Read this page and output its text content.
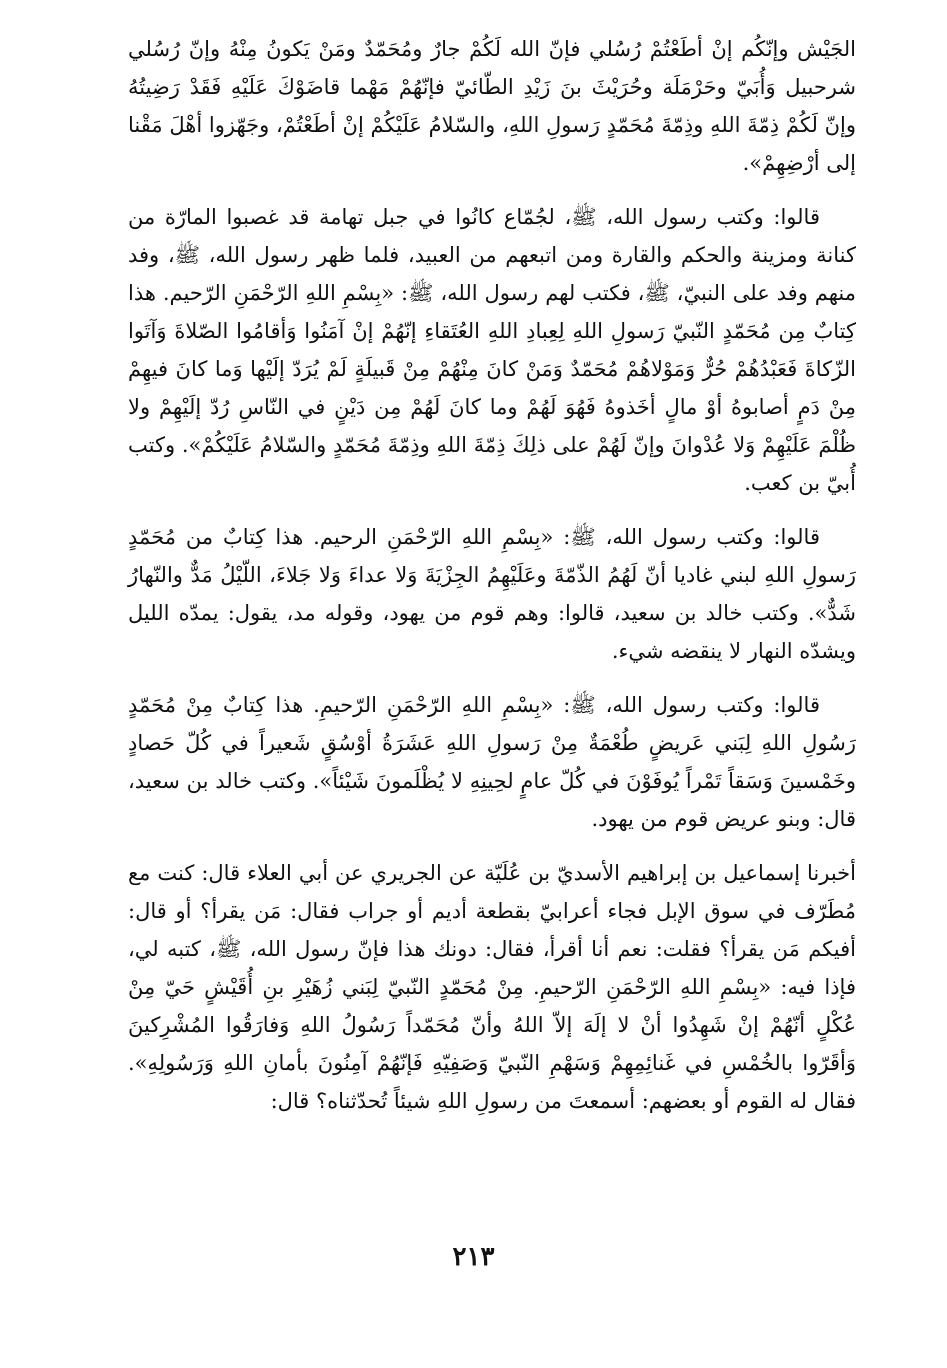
الجَيْش وإنّكُم إنْ أطَعْتُمْ رُسُلي فإنّ الله لَكُمْ جارٌ ومُحَمّدٌ ومَنْ يَكونُ مِنْهُ وإنّ رُسُلي شرحبيل وَأُبَيّ وحَرْمَلَة وحُرَيْثَ بنَ زَيْدِ الطّائيّ فإنّهُمْ مَهْما قاضَوْكَ عَلَيْهِ فَقَدْ رَضِيتُهُ وإنّ لَكُمْ ذِمّةَ اللهِ وذِمّةَ مُحَمّدٍ رَسولِ اللهِ، والسّلامُ عَلَيْكُمْ إنْ أطَعْتُمْ، وجَهّزوا أهْلَ مَقْنا إلى أرْضِهِمْ».

قالوا: وكتب رسول الله، ﷺ، لجُمّاع كانُوا في جبل تهامة قد غصبوا المارّة من كنانة ومزينة والحكم والقارة ومن اتبعهم من العبيد، فلما ظهر رسول الله، ﷺ، وفد منهم وفد على النبيّ، ﷺ، فكتب لهم رسول الله، ﷺ: «بِسْمِ اللهِ الرّحْمَنِ الرّحيم. هذا كِتابٌ مِن مُحَمّدٍ النّبيّ رَسولِ اللهِ لِعِبادِ اللهِ العُتَقاءِ إنّهُمْ إنْ آمَنُوا وَأقامُوا الصّلاةَ وَآتَوا الزّكاةَ فَعَبْدُهُمْ حُرٌّ وَمَوْلاهُمْ مُحَمّدٌ وَمَنْ كانَ مِنْهُمْ مِنْ قَبيلَةٍ لَمْ يُرَدّ إلَيْها وَما كانَ فيهِمْ مِنْ دَمٍ أصابوهُ أوْ مالٍ أخَذوهُ فَهُوَ لَهُمْ وما كانَ لَهُمْ مِن دَيْنٍ في النّاسِ رُدّ إلَيْهِمْ ولا ظُلْمَ عَلَيْهِمْ وَلا عُدْوانَ وإنّ لَهُمْ على ذلِكَ ذِمّةَ اللهِ وذِمّةَ مُحَمّدٍ والسّلامُ عَلَيْكُمْ». وكتب أُبيّ بن كعب.

قالوا: وكتب رسول الله، ﷺ: «بِسْمِ اللهِ الرّحْمَنِ الرحيم. هذا كِتابٌ من مُحَمّدٍ رَسولِ اللهِ لبني غاديا أنّ لَهُمُ الذّمّةَ وعَلَيْهِمُ الجِزْيَةَ وَلا عداءَ وَلا جَلاءَ، اللّيْلُ مَدٌّ والنّهارُ شَدٌّ». وكتب خالد بن سعيد، قالوا: وهم قوم من يهود، وقوله مد، يقول: يمدّه الليل ويشدّه النهار لا ينقضه شيء.

قالوا: وكتب رسول الله، ﷺ: «بِسْمِ اللهِ الرّحْمَنِ الرّحيمِ. هذا كِتابٌ مِنْ مُحَمّدٍ رَسُولِ اللهِ لِبَني عَريضٍ طُعْمَةٌ مِنْ رَسولِ اللهِ عَشَرَةُ أوْسُقٍ شَعيراً في كُلّ حَصادٍ وخَمْسينَ وَسَقاً تَمْراً يُوفَوْنَ في كُلّ عامٍ لحِينِهِ لا يُظْلَمونَ شَيْئاً». وكتب خالد بن سعيد، قال: وبنو عريض قوم من يهود.

أخبرنا إسماعيل بن إبراهيم الأسديّ بن عُلَيّة عن الجريري عن أبي العلاء قال: كنت مع مُطَرّف في سوق الإبل فجاء أعرابيّ بقطعة أديم أو جراب فقال: مَن يقرأ؟ أو قال: أفيكم مَن يقرأ؟ فقلت: نعم أنا أقرأ، فقال: دونك هذا فإنّ رسول الله، ﷺ، كتبه لي، فإذا فيه: «بِسْمِ اللهِ الرّحْمَنِ الرّحيمِ. مِنْ مُحَمّدٍ النّبيّ لِبَني زُهَيْرِ بنِ أُقَيْشٍ حَيّ مِنْ عُكْلٍ أنّهُمْ إنْ شَهِدُوا أنْ لا إلَهَ إلاّ اللهُ وأنّ مُحَمّداً رَسُولُ اللهِ وَفارَقُوا المُشْرِكينَ وَأقَرّوا بالخُمْسِ في غَنائِمِهِمْ وَسَهْمِ النّبيّ وَصَفِيّهِ فَإنّهُمْ آمِنُونَ بأمانِ اللهِ وَرَسُولِهِ». فقال له القوم أو بعضهم: أسمعتَ من رسولِ اللهِ شيئاً تُحدّثناه؟ قال:

٢١٣
